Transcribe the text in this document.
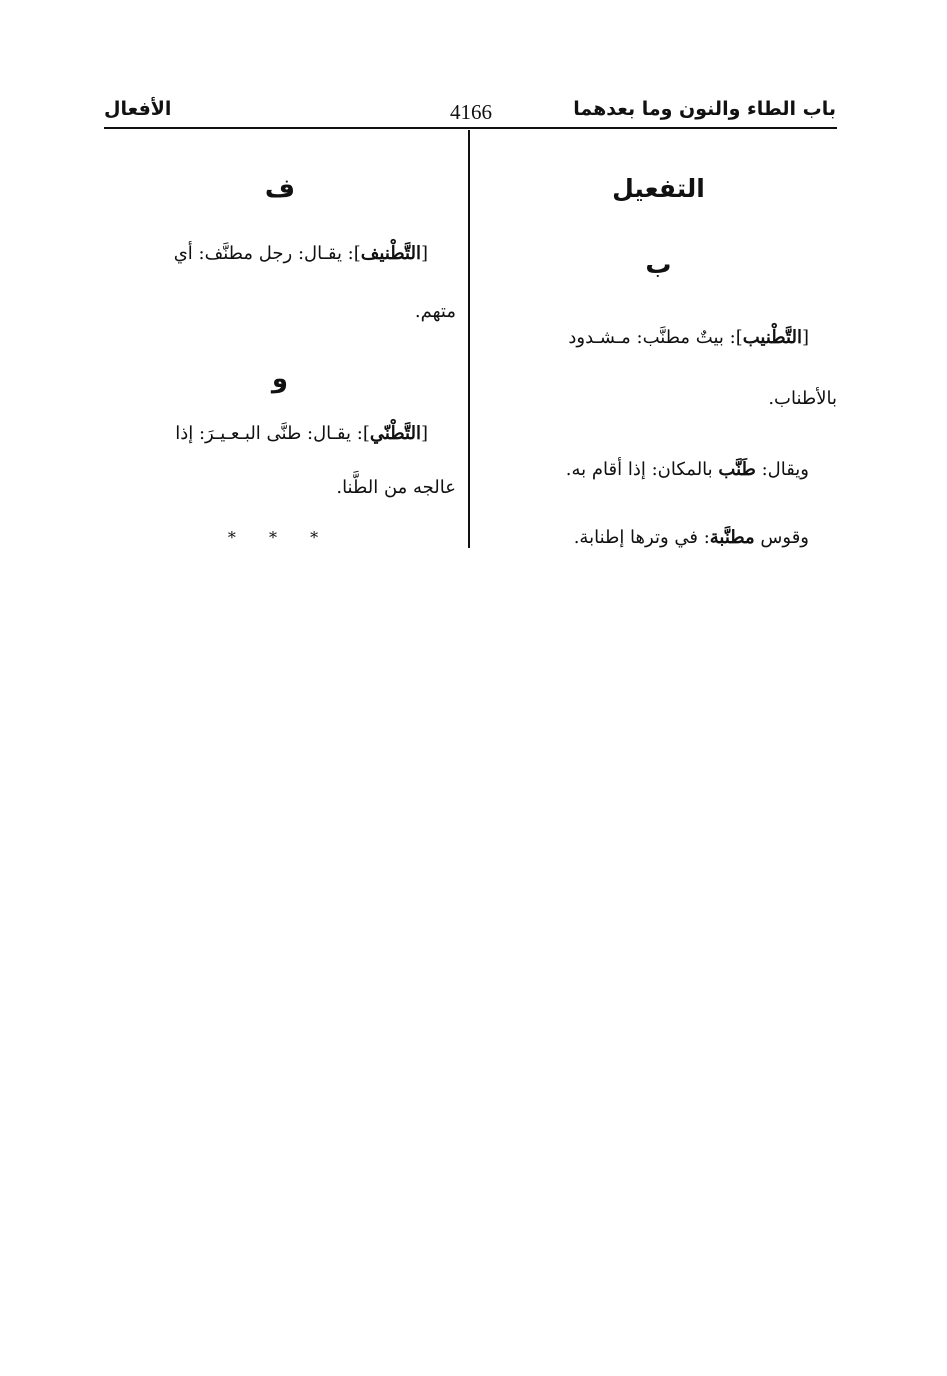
الأفعال	4166	باب الطاء والنون وما بعدهما
التفعيل
ب
[التَّطْنيب]: بيتٌ مطنَّب: مـشـدود
بالأطناب.
ويقال: طَنَّب بالمكان: إذا أقام به.
وقوس مطنَّبة: في وترها إطنابة.
ف
[التَّطْنيف]: يقـال: رجل مطنَّف: أي
متهم.
و
[التَّطْنّي]: يقـال: طنَّى البـعـيـرَ: إذا
عالجه من الطَّنا.
* * *
